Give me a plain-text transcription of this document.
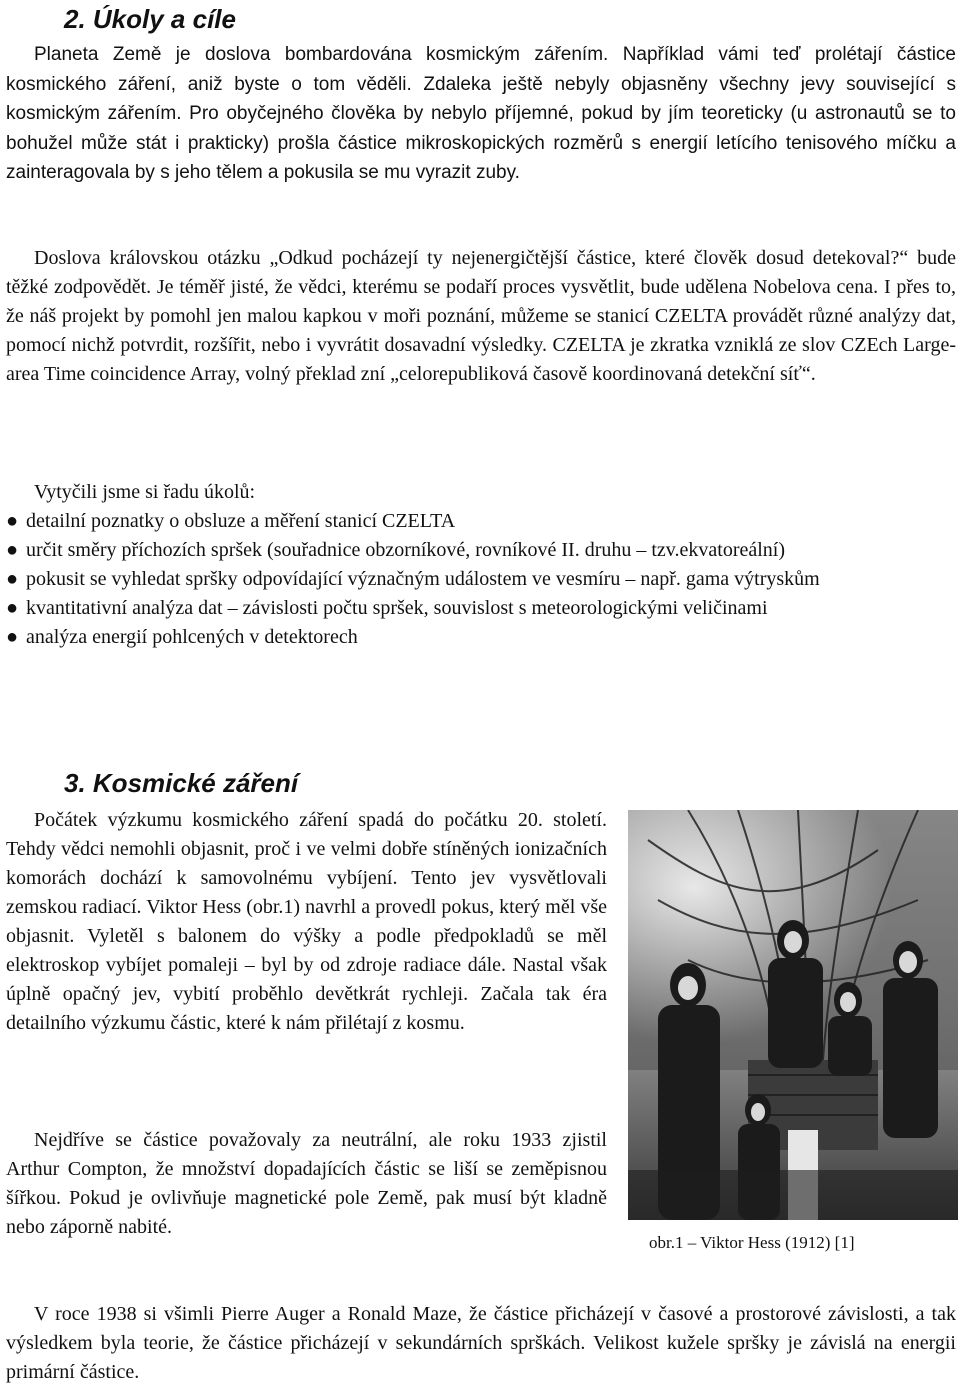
2. Úkoly a cíle

Planeta Země je doslova bombardována kosmickým zářením. Například vámi teď prolétají částice kosmického záření, aniž byste o tom věděli. Zdaleka ještě nebyly objasněny všechny jevy související s kosmickým zářením. Pro obyčejného člověka by nebylo příjemné, pokud by jím teoreticky (u astronautů se to bohužel může stát i prakticky) prošla částice mikroskopických rozměrů s energií letícího tenisového míčku a zainteragovala by s jeho tělem a pokusila se mu vyrazit zuby.

Doslova královskou otázku „Odkud pocházejí ty nejenergičtější částice, které člověk dosud detekoval?“ bude těžké zodpovědět. Je téměř jisté, že vědci, kterému se podaří proces vysvětlit, bude udělena Nobelova cena. I přes to, že náš projekt by pomohl jen malou kapkou v moři poznání, můžeme se stanicí CZELTA provádět různé analýzy dat, pomocí nichž potvrdit, rozšířit, nebo i vyvrátit dosavadní výsledky. CZELTA je zkratka vzniklá ze slov CZEch Large-area Time coincidence Array, volný překlad zní „celorepubliková časově koordinovaná detekční síť“.

Vytyčili jsme si řadu úkolů:

● detailní poznatky o obsluze a měření stanicí CZELTA
● určit směry příchozích spršek (souřadnice obzorníkové, rovníkové II. druhu – tzv.ekvatoreální)
● pokusit se vyhledat spršky odpovídající význačným událostem ve vesmíru – např. gama výtryskům
● kvantitativní analýza dat – závislosti počtu spršek, souvislost s meteorologickými veličinami
● analýza energií pohlcených v detektorech
3. Kosmické záření

Počátek výzkumu kosmického záření spadá do počátku 20. století. Tehdy vědci nemohli objasnit, proč i ve velmi dobře stíněných ionizačních komorách dochází k samovolnému vybíjení. Tento jev vysvětlovali zemskou radiací. Viktor Hess (obr.1) navrhl a provedl pokus, který měl vše objasnit. Vyletěl s balonem do výšky a podle předpokladů se měl elektroskop vybíjet pomaleji – byl by od zdroje radiace dále. Nastal však úplně opačný jev, vybití proběhlo devětkrát rychleji. Začala tak éra detailního výzkumu částic, které k nám přilétají z kosmu.

Nejdříve se částice považovaly za neutrální, ale roku 1933 zjistil Arthur Compton, že množství dopadajících částic se liší se zeměpisnou šířkou. Pokud je ovlivňuje magnetické pole Země, pak musí být kladně nebo záporně nabité.

obr.1 – Viktor Hess (1912) [1]

V roce 1938 si všimli Pierre Auger a Ronald Maze, že částice přicházejí v časové a prostorové závislosti, a tak výsledkem byla teorie, že částice přicházejí v sekundárních sprškách. Velikost kužele spršky je závislá na energii primární částice.
